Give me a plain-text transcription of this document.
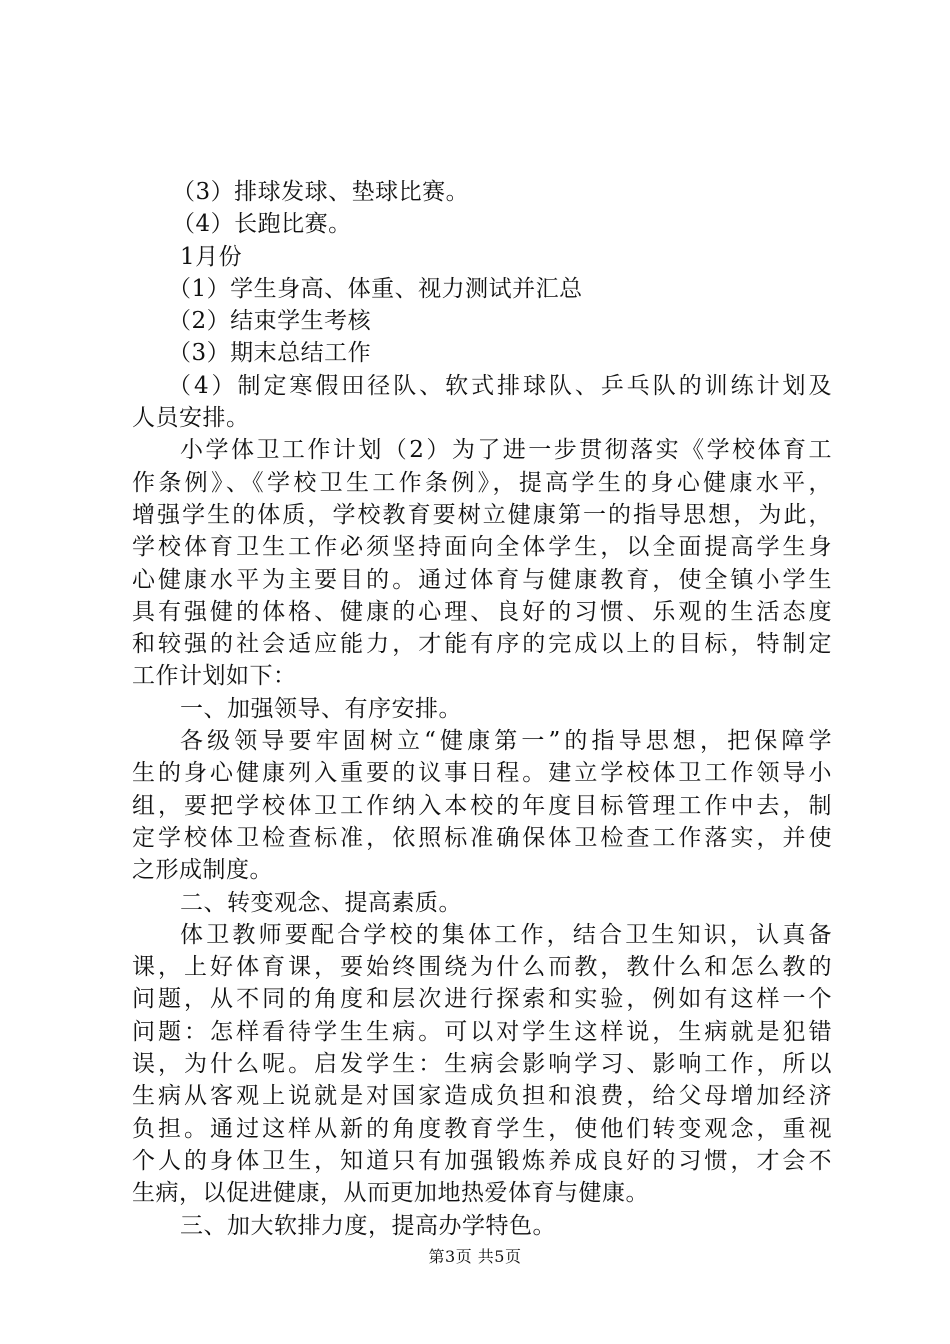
（3）排球发球、垫球比赛。
（4）长跑比赛。
1月份
（1）学生身高、体重、视力测试并汇总
（2）结束学生考核
（3）期末总结工作
（4）制定寒假田径队、软式排球队、乒乓队的训练计划及
人员安排。
小学体卫工作计划（2）为了进一步贯彻落实《学校体育工
作条例》、《学校卫生工作条例》，提高学生的身心健康水平，
增强学生的体质，学校教育要树立健康第一的指导思想，为此，
学校体育卫生工作必须坚持面向全体学生，以全面提高学生身
心健康水平为主要目的。通过体育与健康教育，使全镇小学生
具有强健的体格、健康的心理、良好的习惯、乐观的生活态度
和较强的社会适应能力，才能有序的完成以上的目标，特制定
工作计划如下：
一、加强领导、有序安排。
各级领导要牢固树立“健康第一”的指导思想，把保障学
生的身心健康列入重要的议事日程。建立学校体卫工作领导小
组，要把学校体卫工作纳入本校的年度目标管理工作中去，制
定学校体卫检查标准，依照标准确保体卫检查工作落实，并使
之形成制度。
二、转变观念、提高素质。
体卫教师要配合学校的集体工作，结合卫生知识，认真备
课，上好体育课，要始终围绕为什么而教，教什么和怎么教的
问题，从不同的角度和层次进行探索和实验，例如有这样一个
问题：怎样看待学生生病。可以对学生这样说，生病就是犯错
误，为什么呢。启发学生：生病会影响学习、影响工作，所以
生病从客观上说就是对国家造成负担和浪费，给父母增加经济
负担。通过这样从新的角度教育学生，使他们转变观念，重视
个人的身体卫生，知道只有加强锻炼养成良好的习惯，才会不
生病，以促进健康，从而更加地热爱体育与健康。
三、加大软排力度，提高办学特色。
第3页 共5页
